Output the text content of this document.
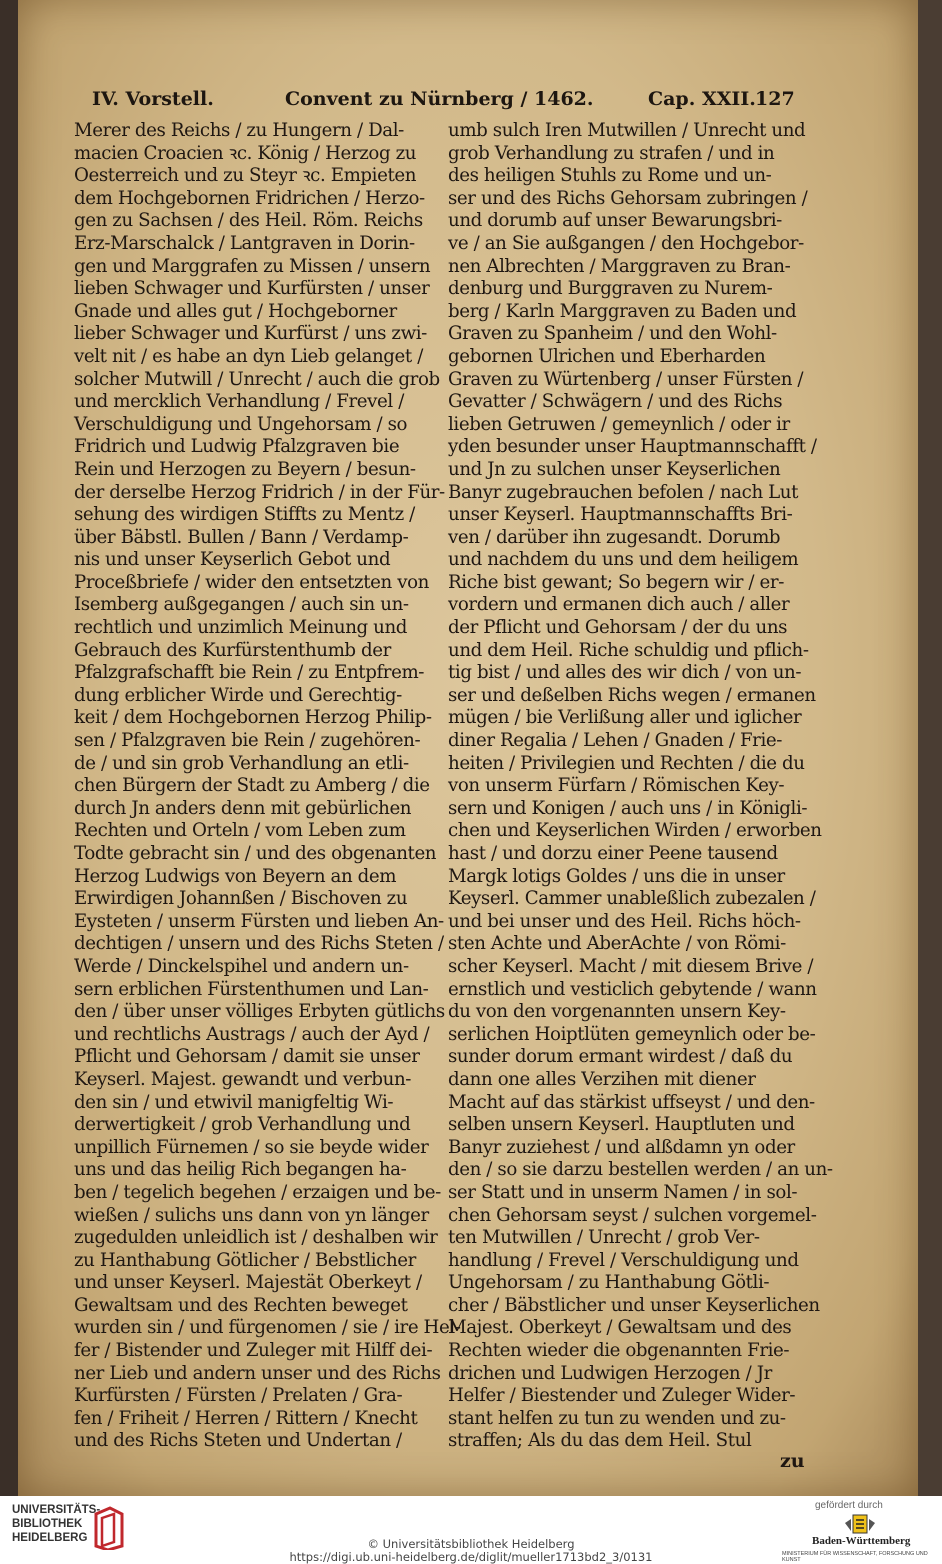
IV. Vorstell.	Convent zu Nürnberg / 1462.	Cap. XXII. 127
Merer des Reichs / zu Hungern / Dal-
macien Croacien ꝛc. König / Herzog zu
Oesterreich und zu Steyr ꝛc. Empieten
dem Hochgebornen Fridrichen / Herzo-
gen zu Sachsen / des Heil. Röm. Reichs
Erz-Marschalck / Lantgraven in Dorin-
gen und Marggrafen zu Missen / unsern
lieben Schwager und Kurfürsten / unser
Gnade und alles gut / Hochgeborner
lieber Schwager und Kurfürst / uns zwi-
velt nit / es habe an dyn Lieb gelanget /
solcher Mutwill / Unrecht / auch die grob
und mercklich Verhandlung / Frevel /
Verschuldigung und Ungehorsam / so
Fridrich und Ludwig Pfalzgraven bie
Rein und Herzogen zu Beyern / besun-
der derselbe Herzog Fridrich / in der Für-
sehung des wirdigen Stiffts zu Mentz /
über Bäbstl. Bullen / Bann / Verdamp-
nis und unser Keyserlich Gebot und
Proceßbriefe / wider den entsetzten von
Isemberg außgegangen / auch sin un-
rechtlich und unzimlich Meinung und
Gebrauch des Kurfürstenthumb der
Pfalzgrafschafft bie Rein / zu Entpfrem-
dung erblicher Wirde und Gerechtig-
keit / dem Hochgebornen Herzog Philip-
sen / Pfalzgraven bie Rein / zugehören-
de / und sin grob Verhandlung an etli-
chen Bürgern der Stadt zu Amberg / die
durch Jn anders denn mit gebürlichen
Rechten und Orteln / vom Leben zum
Todte gebracht sin / und des obgenanten
Herzog Ludwigs von Beyern an dem
Erwirdigen Johannßen / Bischoven zu
Eysteten / unserm Fürsten und lieben An-
dechtigen / unsern und des Richs Steten /
Werde / Dinckelspihel und andern un-
sern erblichen Fürstenthumen und Lan-
den / über unser völliges Erbyten gütlichs
und rechtlichs Austrags / auch der Ayd /
Pflicht und Gehorsam / damit sie unser
Keyserl. Majest. gewandt und verbun-
den sin / und etwivil manigfeltig Wi-
derwertigkeit / grob Verhandlung und
unpillich Fürnemen / so sie beyde wider
uns und das heilig Rich begangen ha-
ben / tegelich begehen / erzaigen und be-
wießen / sulichs uns dann von yn länger
zugedulden unleidlich ist / deshalben wir
zu Hanthabung Götlicher / Bebstlicher
und unser Keyserl. Majestät Oberkeyt /
Gewaltsam und des Rechten beweget
wurden sin / und fürgenomen / sie / ire Hel-
fer / Bistender und Zuleger mit Hilff dei-
ner Lieb und andern unser und des Richs
Kurfürsten / Fürsten / Prelaten / Gra-
fen / Friheit / Herren / Rittern / Knecht
und des Richs Steten und Undertan /
umb sulch Iren Mutwillen / Unrecht und
grob Verhandlung zu strafen / und in
des heiligen Stuhls zu Rome und un-
ser und des Richs Gehorsam zubringen /
und dorumb auf unser Bewarungsbri-
ve / an Sie außgangen / den Hochgebor-
nen Albrechten / Marggraven zu Bran-
denburg und Burggraven zu Nurem-
berg / Karln Marggraven zu Baden und
Graven zu Spanheim / und den Wohl-
gebornen Ulrichen und Eberharden
Graven zu Würtenberg / unser Fürsten /
Gevatter / Schwägern / und des Richs
lieben Getruwen / gemeynlich / oder ir
yden besunder unser Hauptmannschafft /
und Jn zu sulchen unser Keyserlichen
Banyr zugebrauchen befolen / nach Lut
unser Keyserl. Hauptmannschaffts Bri-
ven / darüber ihn zugesandt. Dorumb
und nachdem du uns und dem heiligem
Riche bist gewant; So begern wir / er-
vordern und ermanen dich auch / aller
der Pflicht und Gehorsam / der du uns
und dem Heil. Riche schuldig und pflich-
tig bist / und alles des wir dich / von un-
ser und deßelben Richs wegen / ermanen
mügen / bie Verlißung aller und iglicher
diner Regalia / Lehen / Gnaden / Frie-
heiten / Privilegien und Rechten / die du
von unserm Fürfarn / Römischen Key-
sern und Konigen / auch uns / in Königli-
chen und Keyserlichen Wirden / erworben
hast / und dorzu einer Peene tausend
Margk lotigs Goldes / uns die in unser
Keyserl. Cammer unableßlich zubezalen /
und bei unser und des Heil. Richs höch-
sten Achte und AberAchte / von Römi-
scher Keyserl. Macht / mit diesem Brive /
ernstlich und vesticlich gebytende / wann
du von den vorgenannten unsern Key-
serlichen Hoiptlüten gemeynlich oder be-
sunder dorum ermant wirdest / daß du
dann one alles Verzihen mit diener
Macht auf das stärkist uffseyst / und den-
selben unsern Keyserl. Hauptluten und
Banyr zuziehest / und alßdamn yn oder
den / so sie darzu bestellen werden / an un-
ser Statt und in unserm Namen / in sol-
chen Gehorsam seyst / sulchen vorgemel-
ten Mutwillen / Unrecht / grob Ver-
handlung / Frevel / Verschuldigung und
Ungehorsam / zu Hanthabung Götli-
cher / Bäbstlicher und unser Keyserlichen
Majest. Oberkeyt / Gewaltsam und des
Rechten wieder die obgenannten Frie-
drichen und Ludwigen Herzogen / Jr
Helfer / Biestender und Zuleger Wider-
stant helfen zu tun zu wenden und zu-
straffen; Als du das dem Heil. Stul
zu
UNIVERSITÄTS-
BIBLIOTHEK
HEIDELBERG
gefördert durch
Baden-Württemberg
MINISTERIUM FÜR WISSENSCHAFT, FORSCHUNG UND KUNST
© Universitätsbibliothek Heidelberg
https://digi.ub.uni-heidelberg.de/diglit/mueller1713bd2_3/0131
